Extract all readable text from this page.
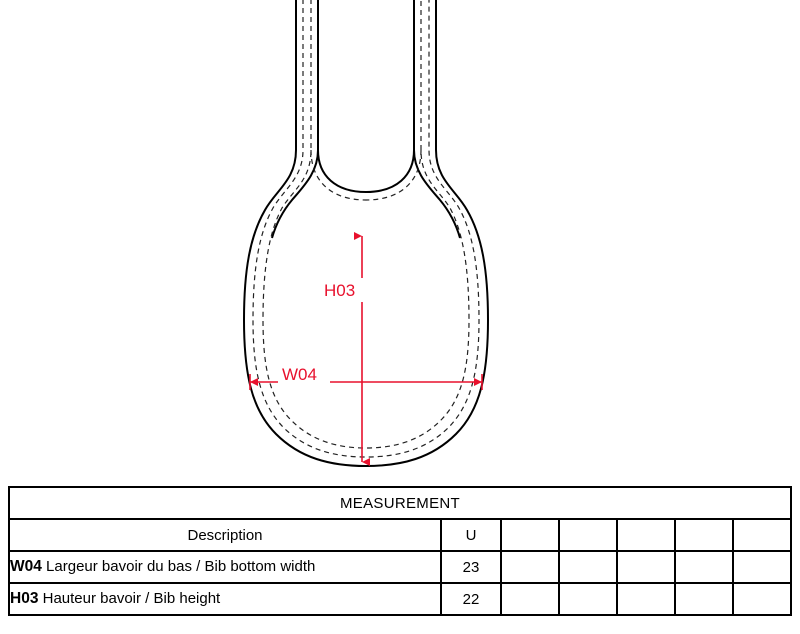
H03
W04
MEASUREMENT						
Description	U					
W04 Largeur bavoir du bas / Bib bottom width	23					
H03 Hauteur bavoir / Bib height	22					
